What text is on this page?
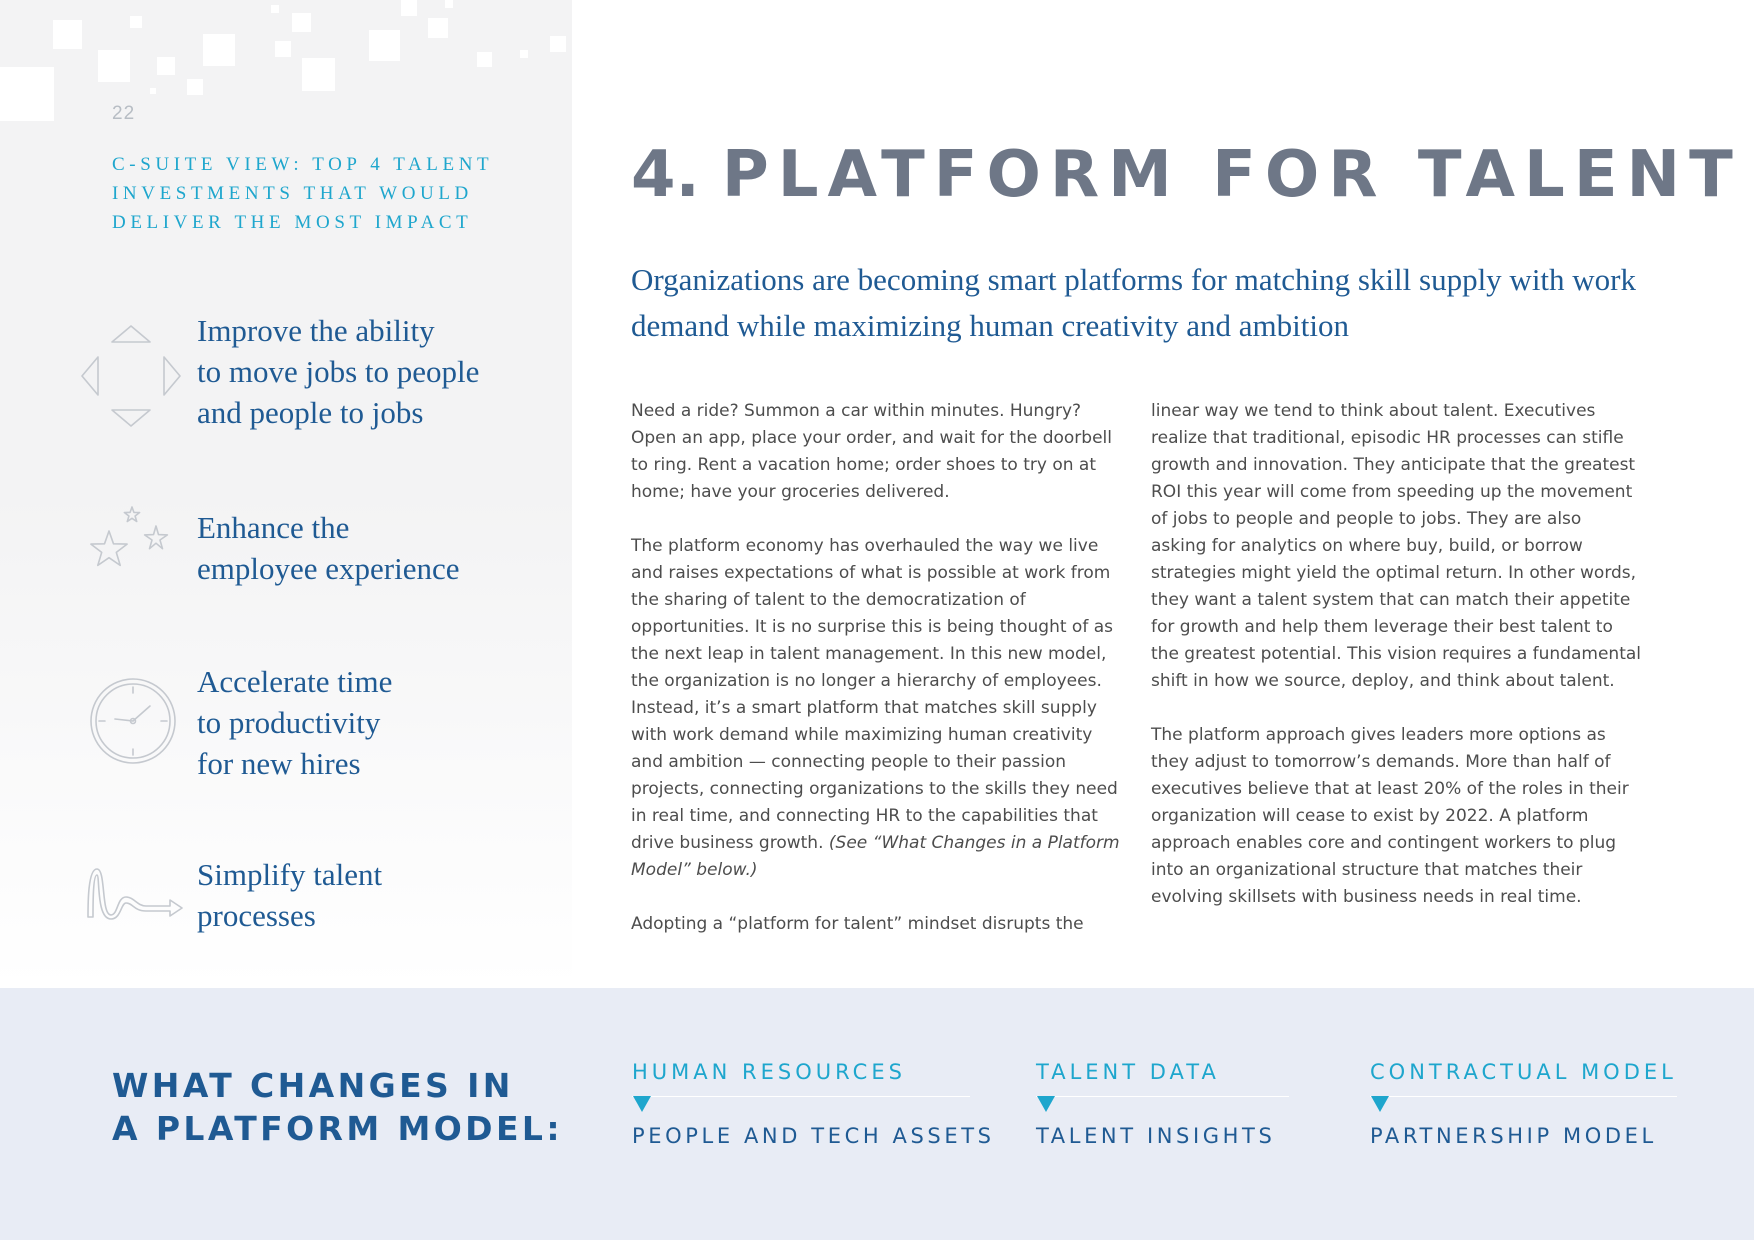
22
C-SUITE VIEW: TOP 4 TALENT INVESTMENTS THAT WOULD DELIVER THE MOST IMPACT

Improve the ability
to move jobs to people
and people to jobs

Enhance the
employee experience

Accelerate time
to productivity
for new hires

Simplify talent
processes

4. PLATFORM FOR TALENT

Organizations are becoming smart platforms for matching skill supply with work demand while maximizing human creativity and ambition

Need a ride? Summon a car within minutes. Hungry? Open an app, place your order, and wait for the doorbell to ring. Rent a vacation home; order shoes to try on at home; have your groceries delivered.

The platform economy has overhauled the way we live and raises expectations of what is possible at work from the sharing of talent to the democratization of opportunities. It is no surprise this is being thought of as the next leap in talent management. In this new model, the organization is no longer a hierarchy of employees. Instead, it’s a smart platform that matches skill supply with work demand while maximizing human creativity and ambition — connecting people to their passion projects, connecting organizations to the skills they need in real time, and connecting HR to the capabilities that drive business growth. (See “What Changes in a Platform Model” below.)

Adopting a “platform for talent” mindset disrupts the

linear way we tend to think about talent. Executives realize that traditional, episodic HR processes can stifle growth and innovation. They anticipate that the greatest ROI this year will come from speeding up the movement of jobs to people and people to jobs. They are also asking for analytics on where buy, build, or borrow strategies might yield the optimal return. In other words, they want a talent system that can match their appetite for growth and help them leverage their best talent to the greatest potential. This vision requires a fundamental shift in how we source, deploy, and think about talent.

The platform approach gives leaders more options as they adjust to tomorrow’s demands. More than half of executives believe that at least 20% of the roles in their organization will cease to exist by 2022. A platform approach enables core and contingent workers to plug into an organizational structure that matches their evolving skillsets with business needs in real time.

WHAT CHANGES IN
A PLATFORM MODEL:
HUMAN RESOURCES
PEOPLE AND TECH ASSETS
TALENT DATA
TALENT INSIGHTS
CONTRACTUAL MODEL
PARTNERSHIP MODEL
